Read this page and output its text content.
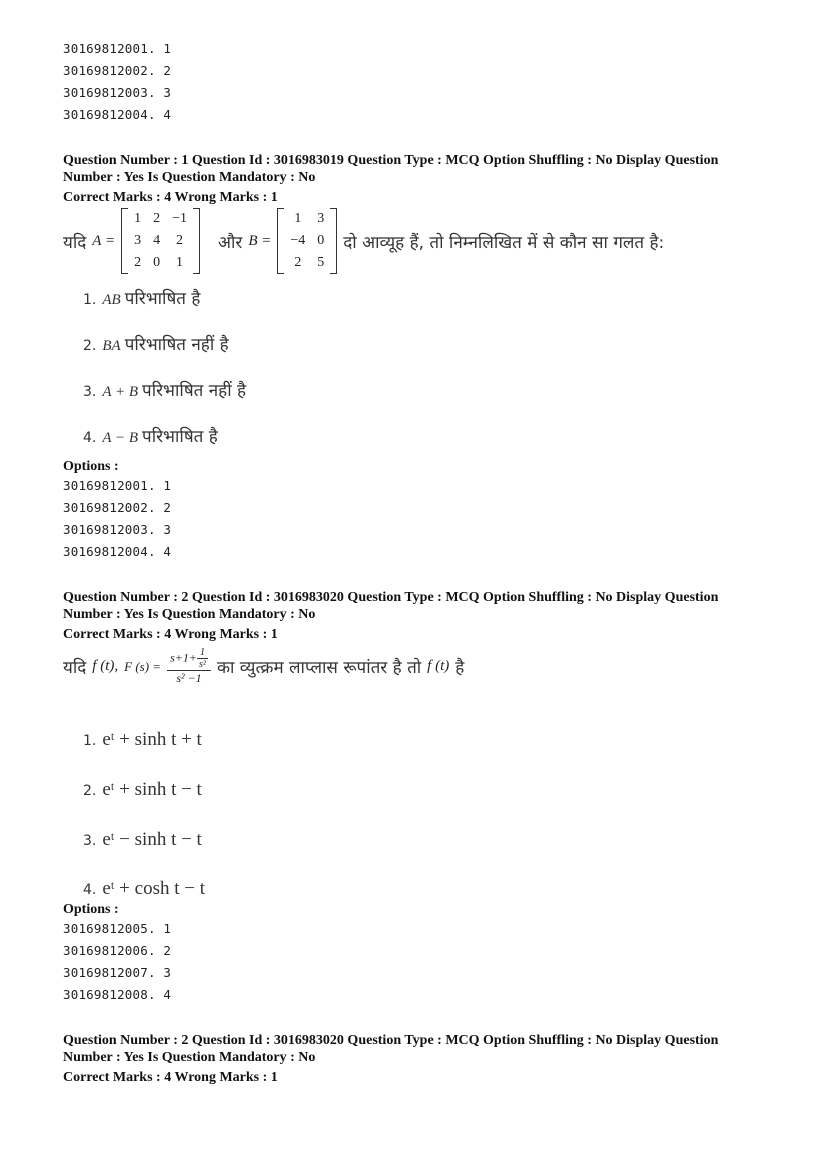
30169812001. 1
30169812002. 2
30169812003. 3
30169812004. 4
Question Number : 1 Question Id : 3016983019 Question Type : MCQ Option Shuffling : No Display Question
Number : Yes Is Question Mandatory : No
Correct Marks : 4 Wrong Marks : 1
यदि A =
1	2	−1
3	4	2
2	0	1
और B =
1	3
−4	0
2	5
दो आव्यूह हैं, तो निम्नलिखित में से कौन सा गलत है:
1. AB परिभाषित है
2. BA परिभाषित नहीं है
3. A + B परिभाषित नहीं है
4. A − B परिभाषित है
Options :
30169812001. 1
30169812002. 2
30169812003. 3
30169812004. 4
Question Number : 2 Question Id : 3016983020 Question Type : MCQ Option Shuffling : No Display Question
Number : Yes Is Question Mandatory : No
Correct Marks : 4 Wrong Marks : 1
यदि f (t), F $(s) = \frac{s+1+ \frac{1}{\text{s²}}}{\text{s² −1}}$ का व्युत्क्रम लाप्लास रूपांतर है तो f (t) है
1. eᵗ + sinh t + t
2. eᵗ + sinh t − t
3. eᵗ − sinh t − t
4. eᵗ + cosh t − t
Options :
30169812005. 1
30169812006. 2
30169812007. 3
30169812008. 4
Question Number : 2 Question Id : 3016983020 Question Type : MCQ Option Shuffling : No Display Question
Number : Yes Is Question Mandatory : No
Correct Marks : 4 Wrong Marks : 1
